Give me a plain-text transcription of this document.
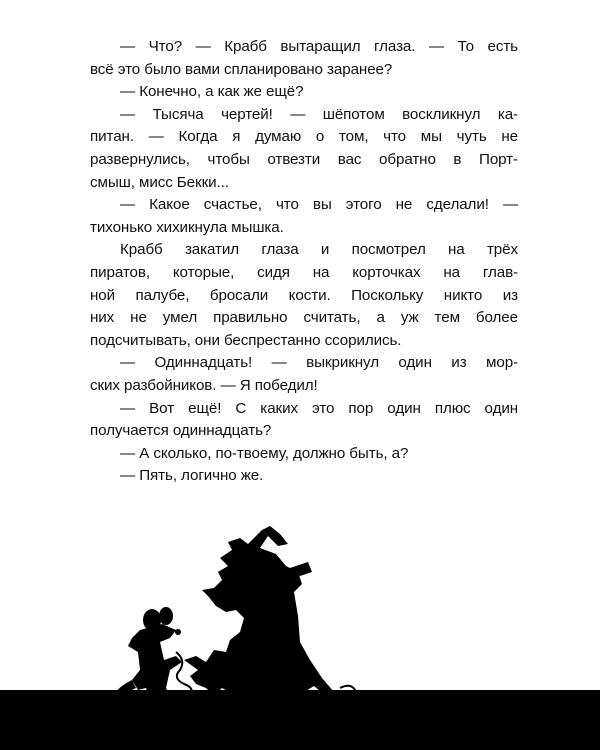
— Что? — Крабб вытаращил глаза. — То есть
всё это было вами спланировано заранее?

— Конечно, а как же ещё?

— Тысяча чертей! — шёпотом воскликнул ка-
питан. — Когда я думаю о том, что мы чуть не
развернулись, чтобы отвезти вас обратно в Порт-
смыш, мисс Бекки...

— Какое счастье, что вы этого не сделали! —
тихонько хихикнула мышка.

Крабб закатил глаза и посмотрел на трёх
пиратов, которые, сидя на корточках на глав-
ной палубе, бросали кости. Поскольку никто из
них не умел правильно считать, а уж тем более
подсчитывать, они беспрестанно ссорились.

— Одиннадцать! — выкрикнул один из мор-
ских разбойников. — Я победил!

— Вот ещё! С каких это пор один плюс один
получается одиннадцать?

— А сколько, по-твоему, должно быть, а?

— Пять, логично же.
